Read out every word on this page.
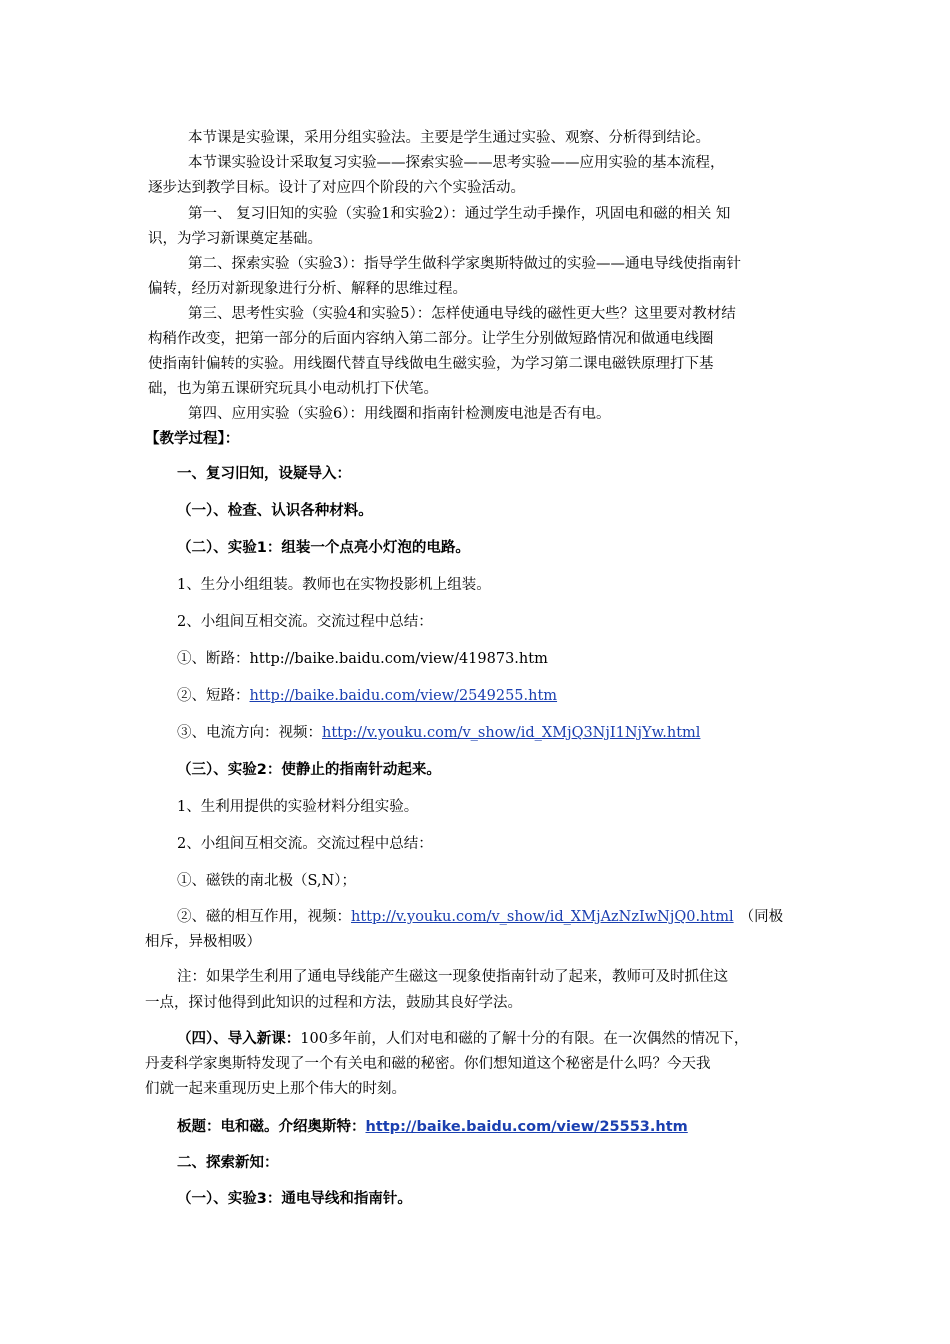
本节课是实验课，采用分组实验法。主要是学生通过实验、观察、分析得到结论。
本节课实验设计采取复习实验——探索实验——思考实验——应用实验的基本流程，
逐步达到教学目标。设计了对应四个阶段的六个实验活动。
第一、 复习旧知的实验（实验1和实验2）：通过学生动手操作，巩固电和磁的相关 知
识，为学习新课奠定基础。
第二、探索实验（实验3）：指导学生做科学家奥斯特做过的实验——通电导线使指南针
偏转，经历对新现象进行分析、解释的思维过程。
第三、思考性实验（实验4和实验5）：怎样使通电导线的磁性更大些？这里要对教材结
构稍作改变，把第一部分的后面内容纳入第二部分。让学生分别做短路情况和做通电线圈
使指南针偏转的实验。用线圈代替直导线做电生磁实验，为学习第二课电磁铁原理打下基
础，也为第五课研究玩具小电动机打下伏笔。
第四、应用实验（实验6）：用线圈和指南针检测废电池是否有电。
【教学过程】：
一、复习旧知，设疑导入：
（一）、检查、认识各种材料。
（二）、实验1：组装一个点亮小灯泡的电路。
1、生分小组组装。教师也在实物投影机上组装。
2、小组间互相交流。交流过程中总结：
①、断路：http://baike.baidu.com/view/419873.htm
②、短路：http://baike.baidu.com/view/2549255.htm
③、电流方向：视频：http://v.youku.com/v_show/id_XMjQ3NjI1NjYw.html
（三）、实验2：使静止的指南针动起来。
1、生利用提供的实验材料分组实验。
2、小组间互相交流。交流过程中总结：
①、磁铁的南北极（S,N）；
②、磁的相互作用，视频：http://v.youku.com/v_show/id_XMjAzNzIwNjQ0.html （同极
相斥，异极相吸）
注：如果学生利用了通电导线能产生磁这一现象使指南针动了起来，教师可及时抓住这
一点，探讨他得到此知识的过程和方法，鼓励其良好学法。
（四）、导入新课：100多年前，人们对电和磁的了解十分的有限。在一次偶然的情况下，
丹麦科学家奥斯特发现了一个有关电和磁的秘密。你们想知道这个秘密是什么吗？今天我
们就一起来重现历史上那个伟大的时刻。
板题：电和磁。介绍奥斯特：http://baike.baidu.com/view/25553.htm
二、探索新知：
（一）、实验3：通电导线和指南针。
